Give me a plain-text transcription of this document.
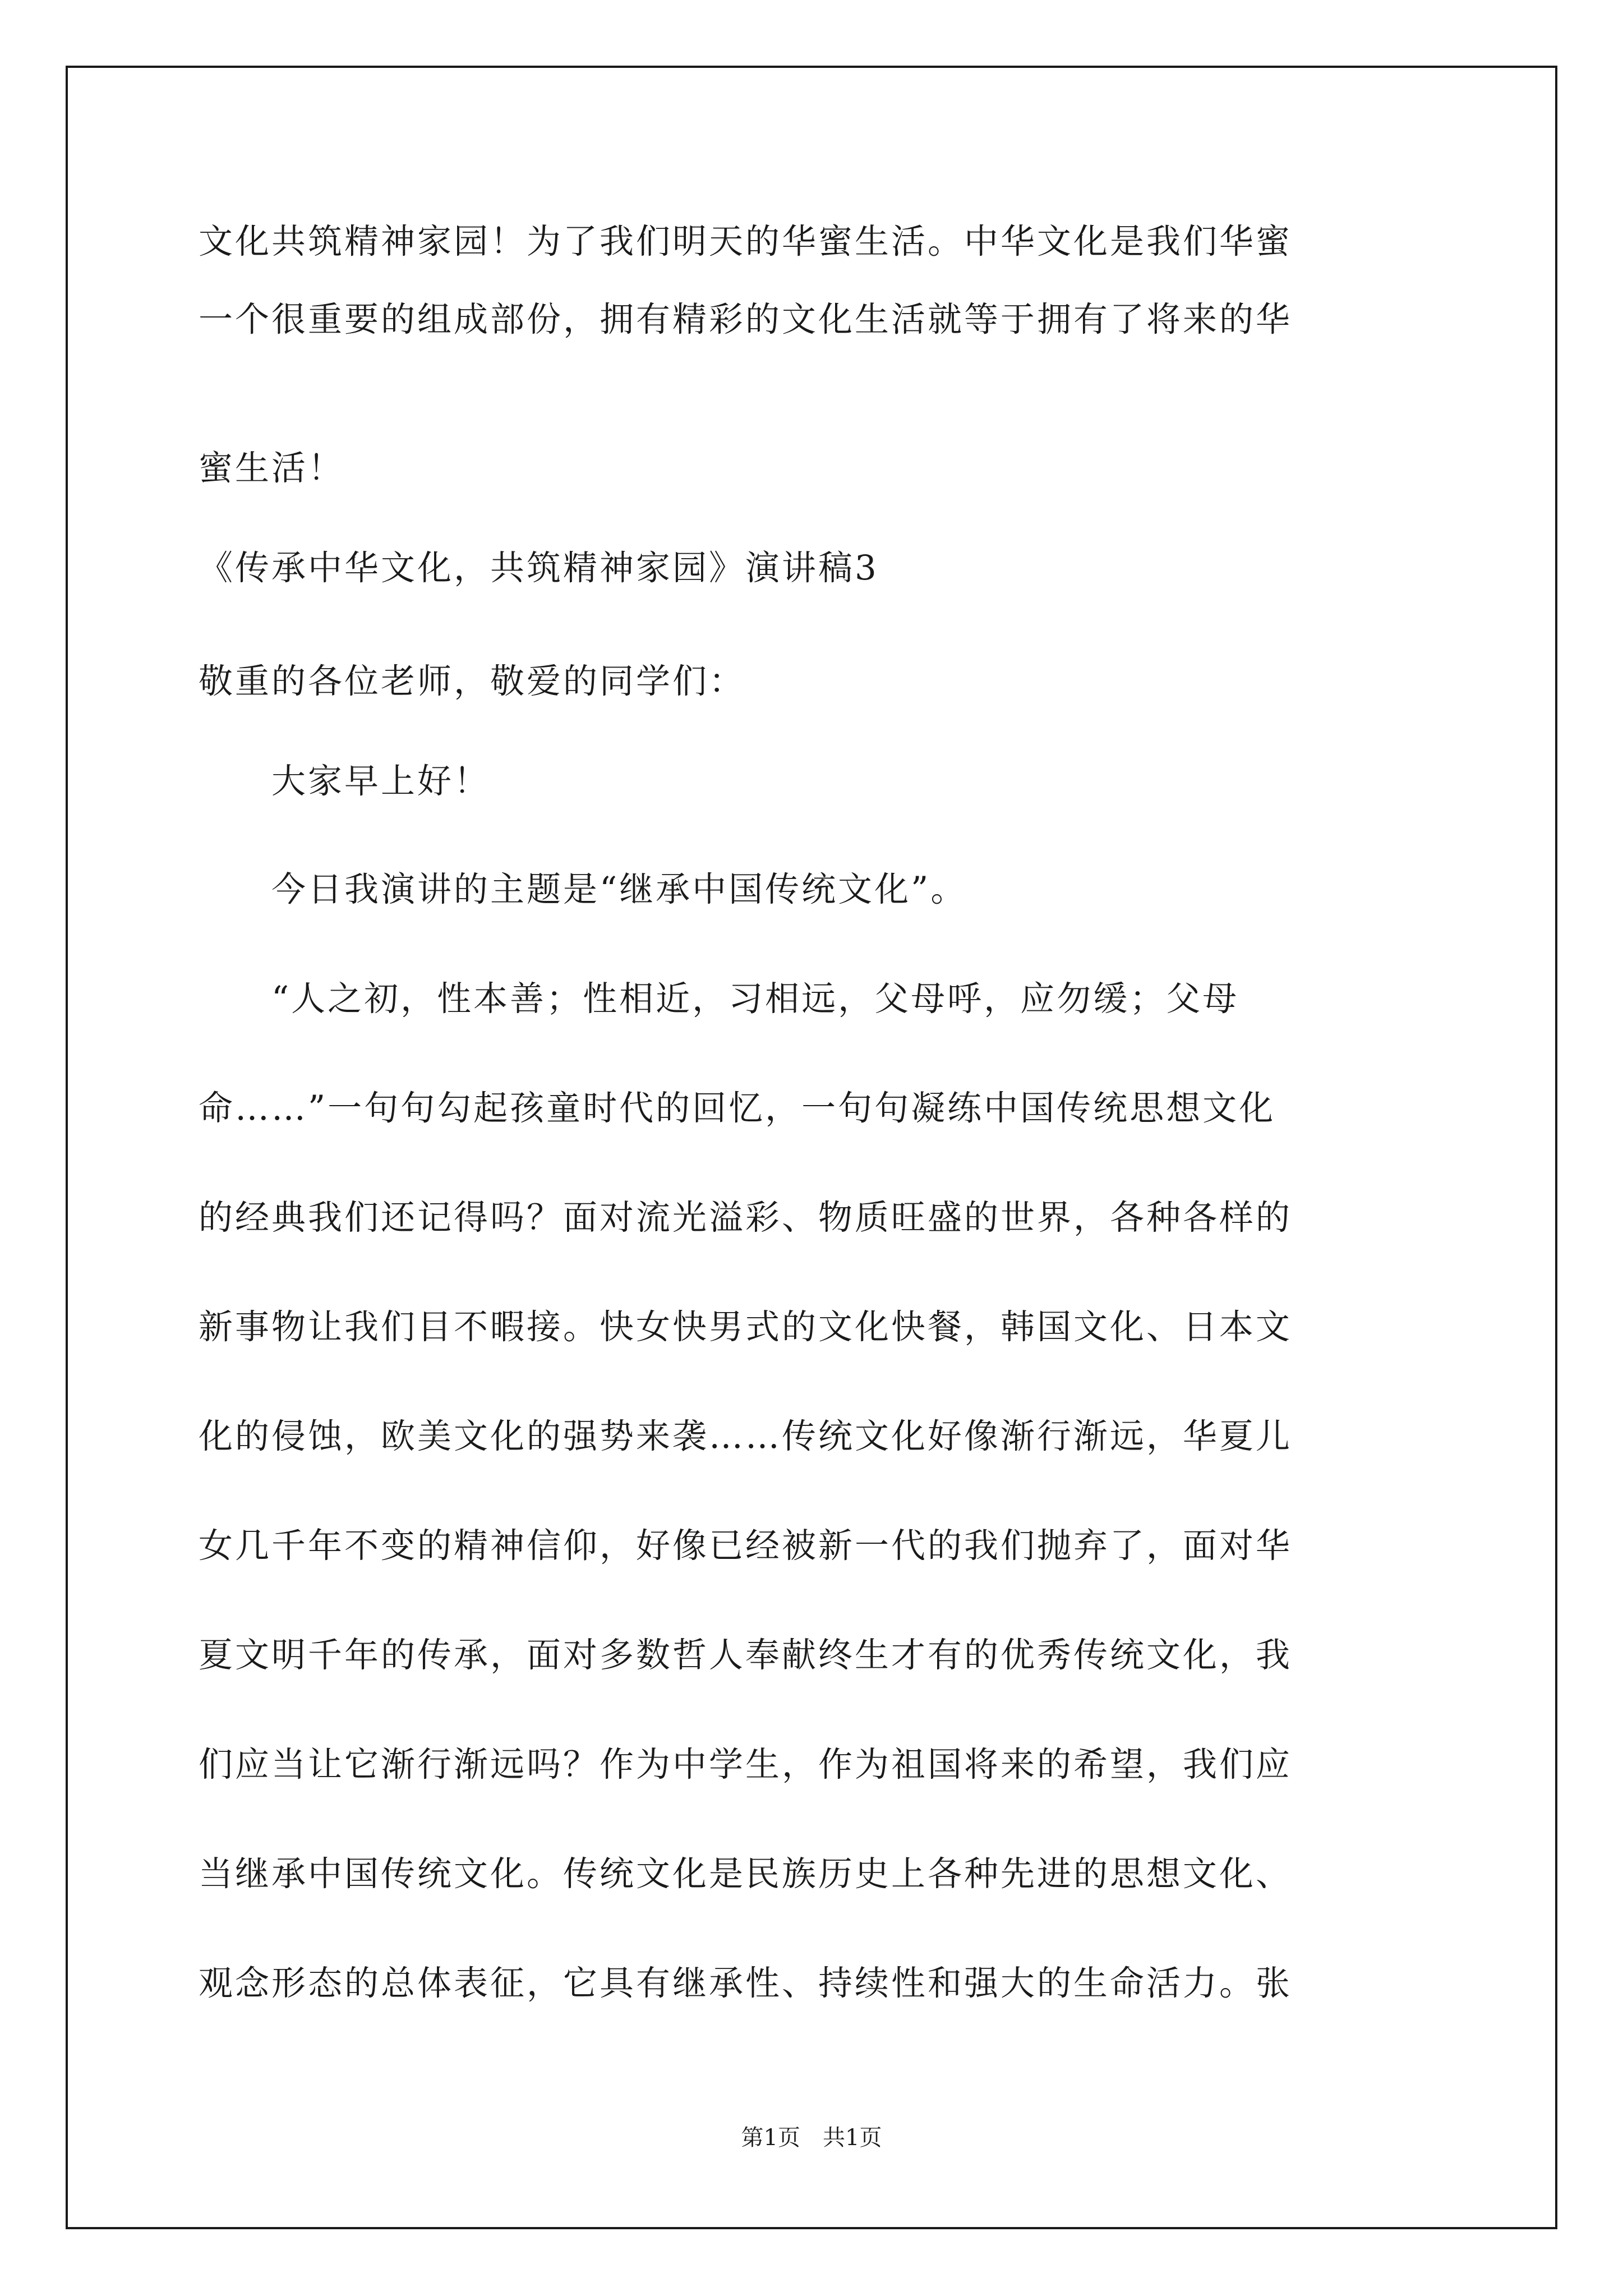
文化共筑精神家园！为了我们明天的华蜜生活。中华文化是我们华蜜

一个很重要的组成部份，拥有精彩的文化生活就等于拥有了将来的华

蜜生活！

《传承中华文化，共筑精神家园》演讲稿3

敬重的各位老师，敬爱的同学们：

　　大家早上好！

　　今日我演讲的主题是“继承中国传统文化”。

　　“人之初，性本善；性相近，习相远，父母呼，应勿缓；父母

命……”一句句勾起孩童时代的回忆，一句句凝练中国传统思想文化

的经典我们还记得吗？面对流光溢彩、物质旺盛的世界，各种各样的

新事物让我们目不暇接。快女快男式的文化快餐，韩国文化、日本文

化的侵蚀，欧美文化的强势来袭……传统文化好像渐行渐远，华夏儿

女几千年不变的精神信仰，好像已经被新一代的我们抛弃了，面对华

夏文明千年的传承，面对多数哲人奉献终生才有的优秀传统文化，我

们应当让它渐行渐远吗？作为中学生，作为祖国将来的希望，我们应

当继承中国传统文化。传统文化是民族历史上各种先进的思想文化、

观念形态的总体表征，它具有继承性、持续性和强大的生命活力。张

第1页　共1页
